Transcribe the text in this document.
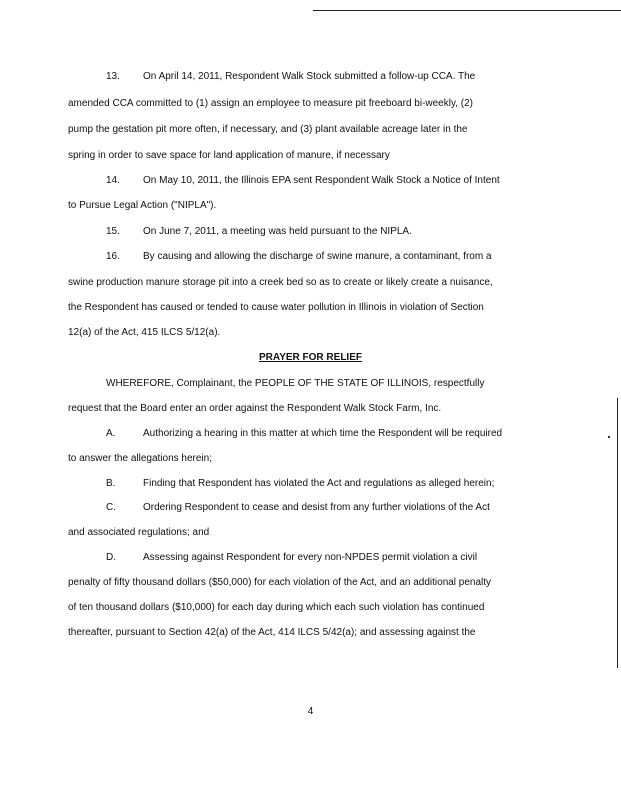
13. On April 14, 2011, Respondent Walk Stock submitted a follow-up CCA. The
amended CCA committed to (1) assign an employee to measure pit freeboard bi-weekly, (2)
pump the gestation pit more often, if necessary, and (3) plant available acreage later in the
spring in order to save space for land application of manure, if necessary
14. On May 10, 2011, the Illinois EPA sent Respondent Walk Stock a Notice of Intent
to Pursue Legal Action ("NIPLA").
15. On June 7, 2011, a meeting was held pursuant to the NIPLA.
16. By causing and allowing the discharge of swine manure, a contaminant, from a
swine production manure storage pit into a creek bed so as to create or likely create a nuisance,
the Respondent has caused or tended to cause water pollution in Illinois in violation of Section
12(a) of the Act, 415 ILCS 5/12(a).
PRAYER FOR RELIEF
WHEREFORE, Complainant, the PEOPLE OF THE STATE OF ILLINOIS, respectfully
request that the Board enter an order against the Respondent Walk Stock Farm, Inc.
A.	Authorizing a hearing in this matter at which time the Respondent will be required
to answer the allegations herein;
B.	Finding that Respondent has violated the Act and regulations as alleged herein;
C.	Ordering Respondent to cease and desist from any further violations of the Act
and associated regulations; and
D.	Assessing against Respondent for every non-NPDES permit violation a civil
penalty of fifty thousand dollars ($50,000) for each violation of the Act, and an additional penalty
of ten thousand dollars ($10,000) for each day during which each such violation has continued
thereafter, pursuant to Section 42(a) of the Act, 414 ILCS 5/42(a); and assessing against the
4
